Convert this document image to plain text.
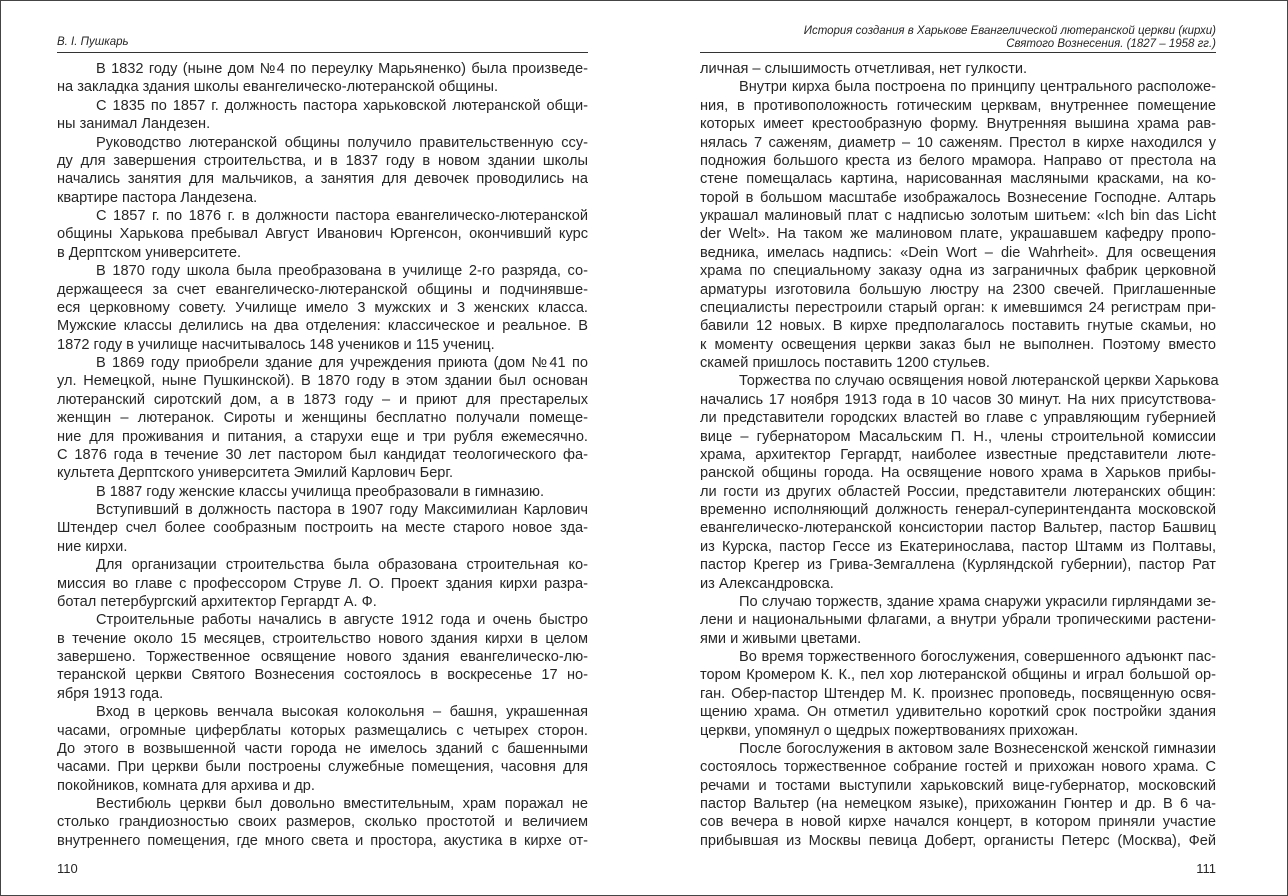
В. І. Пушкарь
В 1832 году (ныне дом №4 по переулку Марьяненко) была произведе-
на закладка здания школы евангелическо-лютеранской общины.
С 1835 по 1857 г. должность пастора харьковской лютеранской общи-
ны занимал Ландезен.
Руководство лютеранской общины получило правительственную ссу-
ду для завершения строительства, и в 1837 году в новом здании школы
начались занятия для мальчиков, а занятия для девочек проводились на
квартире пастора Ландезена.
С 1857 г. по 1876 г. в должности пастора евангелическо-лютеранской
общины Харькова пребывал Август Иванович Юргенсон, окончивший курс
в Дерптском университете.
В 1870 году школа была преобразована в училище 2-го разряда, со-
держащееся за счет евангелическо-лютеранской общины и подчинявше-
еся церковному совету. Училище имело 3 мужских и 3 женских класса.
Мужские классы делились на два отделения: классическое и реальное. В
1872 году в училище насчитывалось 148 учеников и 115 учениц.
В 1869 году приобрели здание для учреждения приюта (дом №41 по
ул. Немецкой, ныне Пушкинской). В 1870 году в этом здании был основан
лютеранский сиротский дом, а в 1873 году – и приют для престарелых
женщин – лютеранок. Сироты и женщины бесплатно получали помеще-
ние для проживания и питания, а старухи еще и три рубля ежемесячно.
С 1876 года в течение 30 лет пастором был кандидат теологического фа-
культета Дерптского университета Эмилий Карлович Берг.
В 1887 году женские классы училища преобразовали в гимназию.
Вступивший в должность пастора в 1907 году Максимилиан Карлович
Штендер счел более сообразным построить на месте старого новое зда-
ние кирхи.
Для организации строительства была образована строительная ко-
миссия во главе с профессором Струве Л. О. Проект здания кирхи разра-
ботал петербургский архитектор Гергардт А. Ф.
Строительные работы начались в августе 1912 года и очень быстро
в течение около 15 месяцев, строительство нового здания кирхи в целом
завершено. Торжественное освящение нового здания евангелическо-лю-
теранской церкви Святого Вознесения состоялось в воскресенье 17 но-
ября 1913 года.
Вход в церковь венчала высокая колокольня – башня, украшенная
часами, огромные циферблаты которых размещались с четырех сторон.
До этого в возвышенной части города не имелось зданий с башенными
часами. При церкви были построены служебные помещения, часовня для
покойников, комната для архива и др.
Вестибюль церкви был довольно вместительным, храм поражал не
столько грандиозностью своих размеров, сколько простотой и величием
внутреннего помещения, где много света и простора, акустика в кирхе от-
110
История создания в Харькове Евангелической лютеранской церкви (кирхи)
Святого Вознесения. (1827 – 1958 гг.)
личная – слышимость отчетливая, нет гулкости.
Внутри кирха была построена по принципу центрального расположе-
ния, в противоположность готическим церквам, внутреннее помещение
которых имеет крестообразную форму. Внутренняя вышина храма рав-
нялась 7 саженям, диаметр – 10 саженям. Престол в кирхе находился у
подножия большого креста из белого мрамора. Направо от престола на
стене помещалась картина, нарисованная масляными красками, на ко-
торой в большом масштабе изображалось Вознесение Господне. Алтарь
украшал малиновый плат с надписью золотым шитьем: «Ich bin das Licht
der Welt». На таком же малиновом плате, украшавшем кафедру пропо-
ведника, имелась надпись: «Dein Wort – die Wahrheit». Для освещения
храма по специальному заказу одна из заграничных фабрик церковной
арматуры изготовила большую люстру на 2300 свечей. Приглашенные
специалисты перестроили старый орган: к имевшимся 24 регистрам при-
бавили 12 новых. В кирхе предполагалось поставить гнутые скамьи, но
к моменту освещения церкви заказ был не выполнен. Поэтому вместо
скамей пришлось поставить 1200 стульев.
Торжества по случаю освящения новой лютеранской церкви Харькова
начались 17 ноября 1913 года в 10 часов 30 минут. На них присутствова-
ли представители городских властей во главе с управляющим губернией
вице – губернатором Масальским П. Н., члены строительной комиссии
храма, архитектор Гергардт, наиболее известные представители люте-
ранской общины города. На освящение нового храма в Харьков прибы-
ли гости из других областей России, представители лютеранских общин:
временно исполняющий должность генерал-суперинтенданта московской
евангелическо-лютеранской консистории пастор Вальтер, пастор Башвиц
из Курска, пастор Гессе из Екатеринослава, пастор Штамм из Полтавы,
пастор Крегер из Грива-Земгаллена (Курляндской губернии), пастор Рат
из Александровска.
По случаю торжеств, здание храма снаружи украсили гирляндами зе-
лени и национальными флагами, а внутри убрали тропическими растени-
ями и живыми цветами.
Во время торжественного богослужения, совершенного адъюнкт пас-
тором Кромером К. К., пел хор лютеранской общины и играл большой ор-
ган. Обер-пастор Штендер М. К. произнес проповедь, посвященную освя-
щению храма. Он отметил удивительно короткий срок постройки здания
церкви, упомянул о щедрых пожертвованиях прихожан.
После богослужения в актовом зале Вознесенской женской гимназии
состоялось торжественное собрание гостей и прихожан нового храма. С
речами и тостами выступили харьковский вице-губернатор, московский
пастор Вальтер (на немецком языке), прихожанин Гюнтер и др. В 6 ча-
сов вечера в новой кирхе начался концерт, в котором приняли участие
прибывшая из Москвы певица Доберт, органисты Петерс (Москва), Фей
111
